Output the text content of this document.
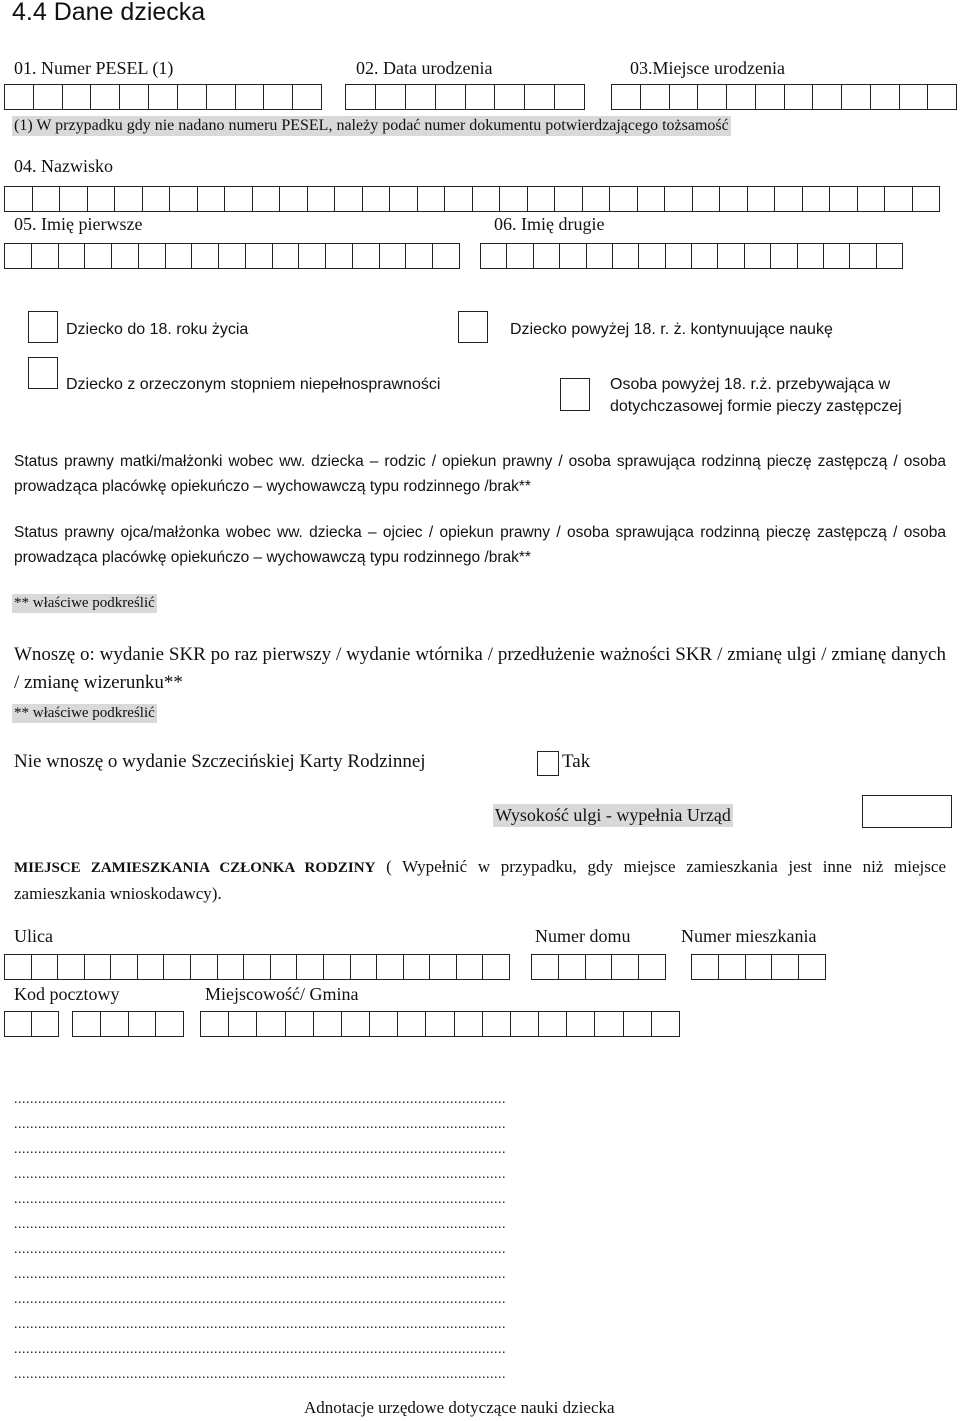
4.4 Dane dziecka
01. Numer PESEL (1)	02. Data urodzenia	03.Miejsce urodzenia
(1) W przypadku gdy nie nadano numeru PESEL, należy podać numer dokumentu potwierdzającego tożsamość
04. Nazwisko
05. Imię pierwsze	06. Imię drugie
Dziecko do 18. roku życia	Dziecko powyżej 18. r. ż. kontynuujące naukę
Dziecko z orzeczonym stopniem niepełnosprawności	Osoba powyżej 18. r.ż. przebywająca w
dotychczasowej formie pieczy zastępczej
Status prawny matki/małżonki wobec ww. dziecka – rodzic / opiekun prawny / osoba sprawująca rodzinną pieczę zastępczą / osoba prowadząca placówkę opiekuńczo – wychowawczą typu rodzinnego /brak**
Status prawny ojca/małżonka wobec ww. dziecka – ojciec / opiekun prawny / osoba sprawująca rodzinną pieczę zastępczą / osoba prowadząca placówkę opiekuńczo – wychowawczą typu rodzinnego /brak**
** właściwe podkreślić
Wnoszę o: wydanie SKR po raz pierwszy / wydanie wtórnika / przedłużenie ważności SKR / zmianę ulgi / zmianę danych / zmianę wizerunku**
** właściwe podkreślić
Nie wnoszę o wydanie Szczecińskiej Karty Rodzinnej	Tak
Wysokość ulgi - wypełnia Urząd
MIEJSCE ZAMIESZKANIA CZŁONKA RODZINY ( Wypełnić w przypadku, gdy miejsce zamieszkania jest inne niż miejsce zamieszkania wnioskodawcy).
Ulica	Numer domu	Numer mieszkania
Kod pocztowy	Miejscowość/ Gmina
...........................................................................................................................
...........................................................................................................................
...........................................................................................................................
...........................................................................................................................
...........................................................................................................................
...........................................................................................................................
...........................................................................................................................
...........................................................................................................................
...........................................................................................................................
...........................................................................................................................
...........................................................................................................................
...........................................................................................................................
Adnotacje urzędowe dotyczące nauki dziecka
